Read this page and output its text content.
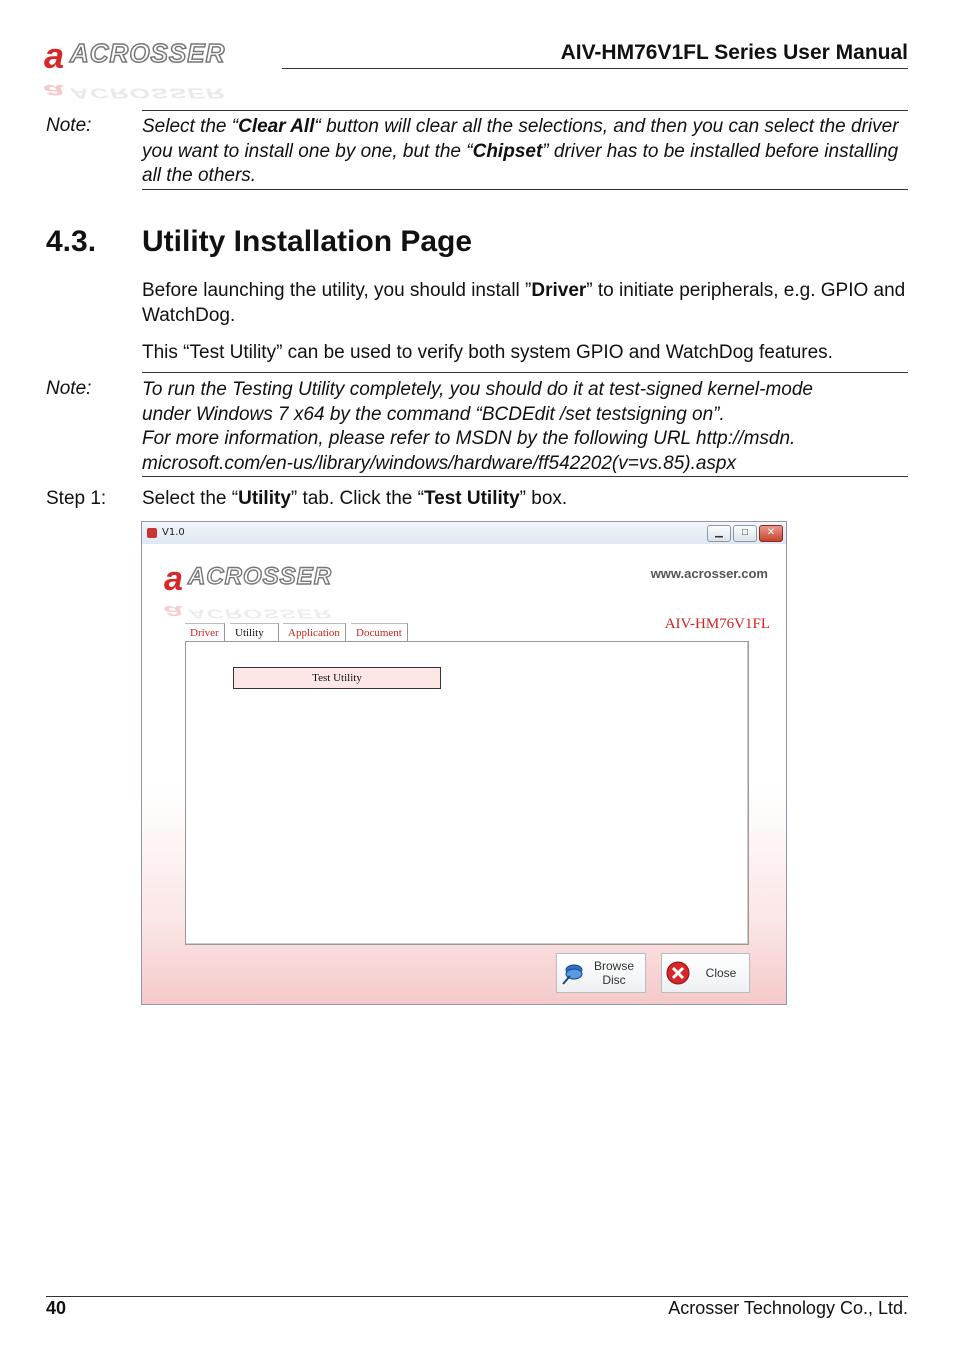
a ACROSSER
a ACROSSER
AIV-HM76V1FL Series User Manual
Note:	Select the “Clear All“ button will clear all the selections, and then you can select the driver you want to install one by one, but the “Chipset” driver has to be installed before installing all the others.
4.3. Utility Installation Page
Before launching the utility, you should install ”Driver” to initiate peripherals, e.g. GPIO and WatchDog.
This “Test Utility” can be used to verify both system GPIO and WatchDog features.
Note:	To run the Testing Utility completely, you should do it at test-signed kernel-mode
under Windows 7 x64 by the command “BCDEdit /set testsigning on”.
For more information, please refer to MSDN by the following URL http://msdn.
microsoft.com/en-us/library/windows/hardware/ff542202(v=vs.85).aspx
Step 1: Select the “Utility” tab. Click the “Test Utility” box.
V1.0	▁	□	✕
a ACROSSER
a ACROSSER
www.acrosser.com
AIV-HM76V1FL
Driver	Utility	Application	Document
Test Utility
Browse
Disc	Close
40	Acrosser Technology Co., Ltd.
